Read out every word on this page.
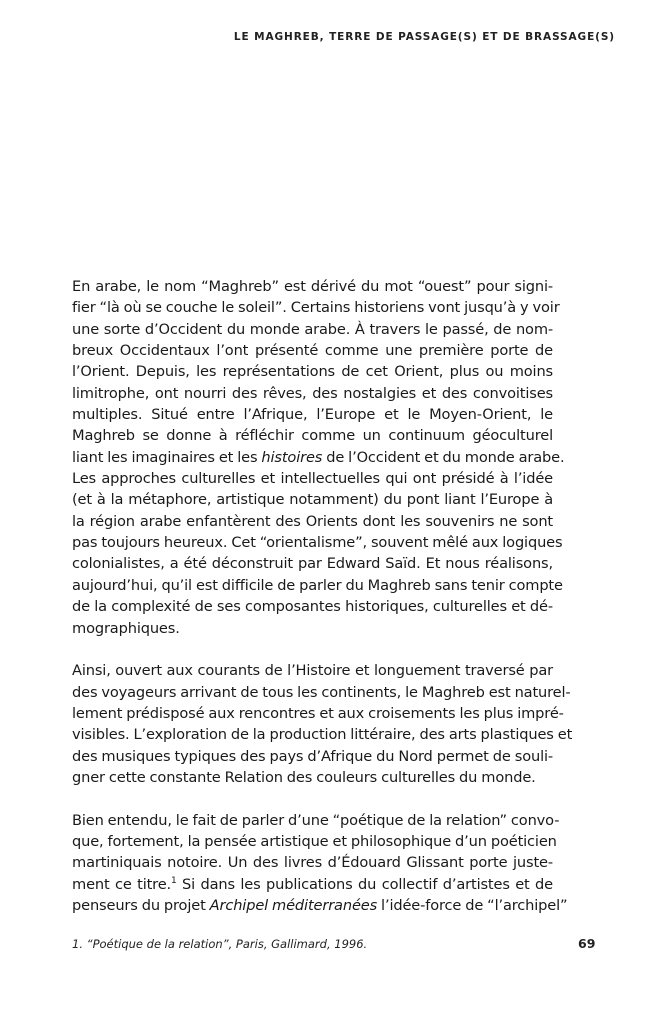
LE MAGHREB, TERRE DE PASSAGE(S) ET DE BRASSAGE(S)
En arabe, le nom “Maghreb” est dérivé du mot “ouest” pour signi-
fier “là où se couche le soleil”. Certains historiens vont jusqu’à y voir
une sorte d’Occident du monde arabe. À travers le passé, de nom-
breux Occidentaux l’ont présenté comme une première porte de
l’Orient. Depuis, les représentations de cet Orient, plus ou moins
limitrophe, ont nourri des rêves, des nostalgies et des convoitises
multiples. Situé entre l’Afrique, l’Europe et le Moyen-Orient, le
Maghreb se donne à réfléchir comme un continuum géoculturel
liant les imaginaires et les histoires de l’Occident et du monde arabe.
Les approches culturelles et intellectuelles qui ont présidé à l’idée
(et à la métaphore, artistique notamment) du pont liant l’Europe à
la région arabe enfantèrent des Orients dont les souvenirs ne sont
pas toujours heureux. Cet “orientalisme”, souvent mêlé aux logiques
colonialistes, a été déconstruit par Edward Saïd. Et nous réalisons,
aujourd’hui, qu’il est difficile de parler du Maghreb sans tenir compte
de la complexité de ses composantes historiques, culturelles et dé-
mographiques.
Ainsi, ouvert aux courants de l’Histoire et longuement traversé par
des voyageurs arrivant de tous les continents, le Maghreb est naturel-
lement prédisposé aux rencontres et aux croisements les plus impré-
visibles. L’exploration de la production littéraire, des arts plastiques et
des musiques typiques des pays d’Afrique du Nord permet de souli-
gner cette constante Relation des couleurs culturelles du monde.
Bien entendu, le fait de parler d’une “poétique de la relation” convo-
que, fortement, la pensée artistique et philosophique d’un poéticien
martiniquais notoire. Un des livres d’Édouard Glissant porte juste-
ment ce titre.$^1$ Si dans les publications du collectif d’artistes et de
penseurs du projet Archipel méditerranées l’idée-force de “l’archipel”
1. “Poétique de la relation”, Paris, Gallimard, 1996.	69
